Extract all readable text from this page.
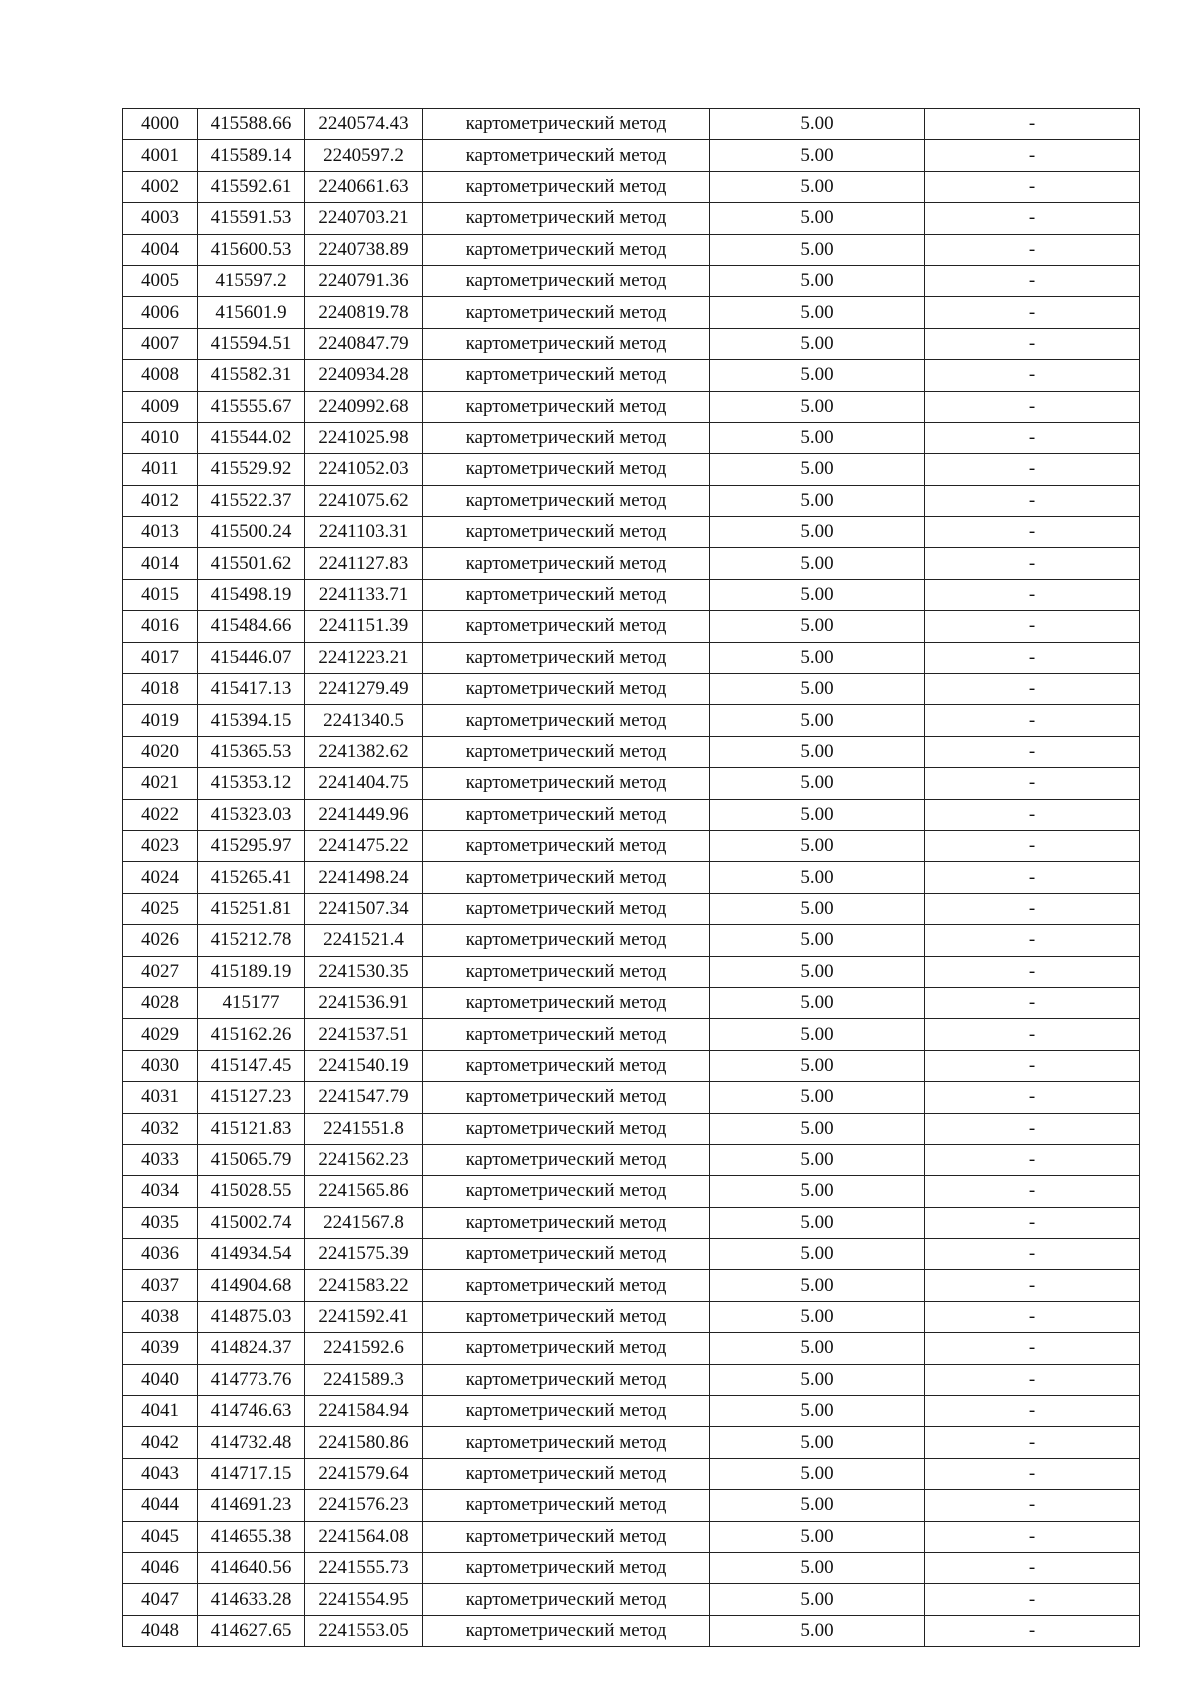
4000	415588.66	2240574.43	картометрический метод	5.00	-
4001	415589.14	2240597.2	картометрический метод	5.00	-
4002	415592.61	2240661.63	картометрический метод	5.00	-
4003	415591.53	2240703.21	картометрический метод	5.00	-
4004	415600.53	2240738.89	картометрический метод	5.00	-
4005	415597.2	2240791.36	картометрический метод	5.00	-
4006	415601.9	2240819.78	картометрический метод	5.00	-
4007	415594.51	2240847.79	картометрический метод	5.00	-
4008	415582.31	2240934.28	картометрический метод	5.00	-
4009	415555.67	2240992.68	картометрический метод	5.00	-
4010	415544.02	2241025.98	картометрический метод	5.00	-
4011	415529.92	2241052.03	картометрический метод	5.00	-
4012	415522.37	2241075.62	картометрический метод	5.00	-
4013	415500.24	2241103.31	картометрический метод	5.00	-
4014	415501.62	2241127.83	картометрический метод	5.00	-
4015	415498.19	2241133.71	картометрический метод	5.00	-
4016	415484.66	2241151.39	картометрический метод	5.00	-
4017	415446.07	2241223.21	картометрический метод	5.00	-
4018	415417.13	2241279.49	картометрический метод	5.00	-
4019	415394.15	2241340.5	картометрический метод	5.00	-
4020	415365.53	2241382.62	картометрический метод	5.00	-
4021	415353.12	2241404.75	картометрический метод	5.00	-
4022	415323.03	2241449.96	картометрический метод	5.00	-
4023	415295.97	2241475.22	картометрический метод	5.00	-
4024	415265.41	2241498.24	картометрический метод	5.00	-
4025	415251.81	2241507.34	картометрический метод	5.00	-
4026	415212.78	2241521.4	картометрический метод	5.00	-
4027	415189.19	2241530.35	картометрический метод	5.00	-
4028	415177	2241536.91	картометрический метод	5.00	-
4029	415162.26	2241537.51	картометрический метод	5.00	-
4030	415147.45	2241540.19	картометрический метод	5.00	-
4031	415127.23	2241547.79	картометрический метод	5.00	-
4032	415121.83	2241551.8	картометрический метод	5.00	-
4033	415065.79	2241562.23	картометрический метод	5.00	-
4034	415028.55	2241565.86	картометрический метод	5.00	-
4035	415002.74	2241567.8	картометрический метод	5.00	-
4036	414934.54	2241575.39	картометрический метод	5.00	-
4037	414904.68	2241583.22	картометрический метод	5.00	-
4038	414875.03	2241592.41	картометрический метод	5.00	-
4039	414824.37	2241592.6	картометрический метод	5.00	-
4040	414773.76	2241589.3	картометрический метод	5.00	-
4041	414746.63	2241584.94	картометрический метод	5.00	-
4042	414732.48	2241580.86	картометрический метод	5.00	-
4043	414717.15	2241579.64	картометрический метод	5.00	-
4044	414691.23	2241576.23	картометрический метод	5.00	-
4045	414655.38	2241564.08	картометрический метод	5.00	-
4046	414640.56	2241555.73	картометрический метод	5.00	-
4047	414633.28	2241554.95	картометрический метод	5.00	-
4048	414627.65	2241553.05	картометрический метод	5.00	-
